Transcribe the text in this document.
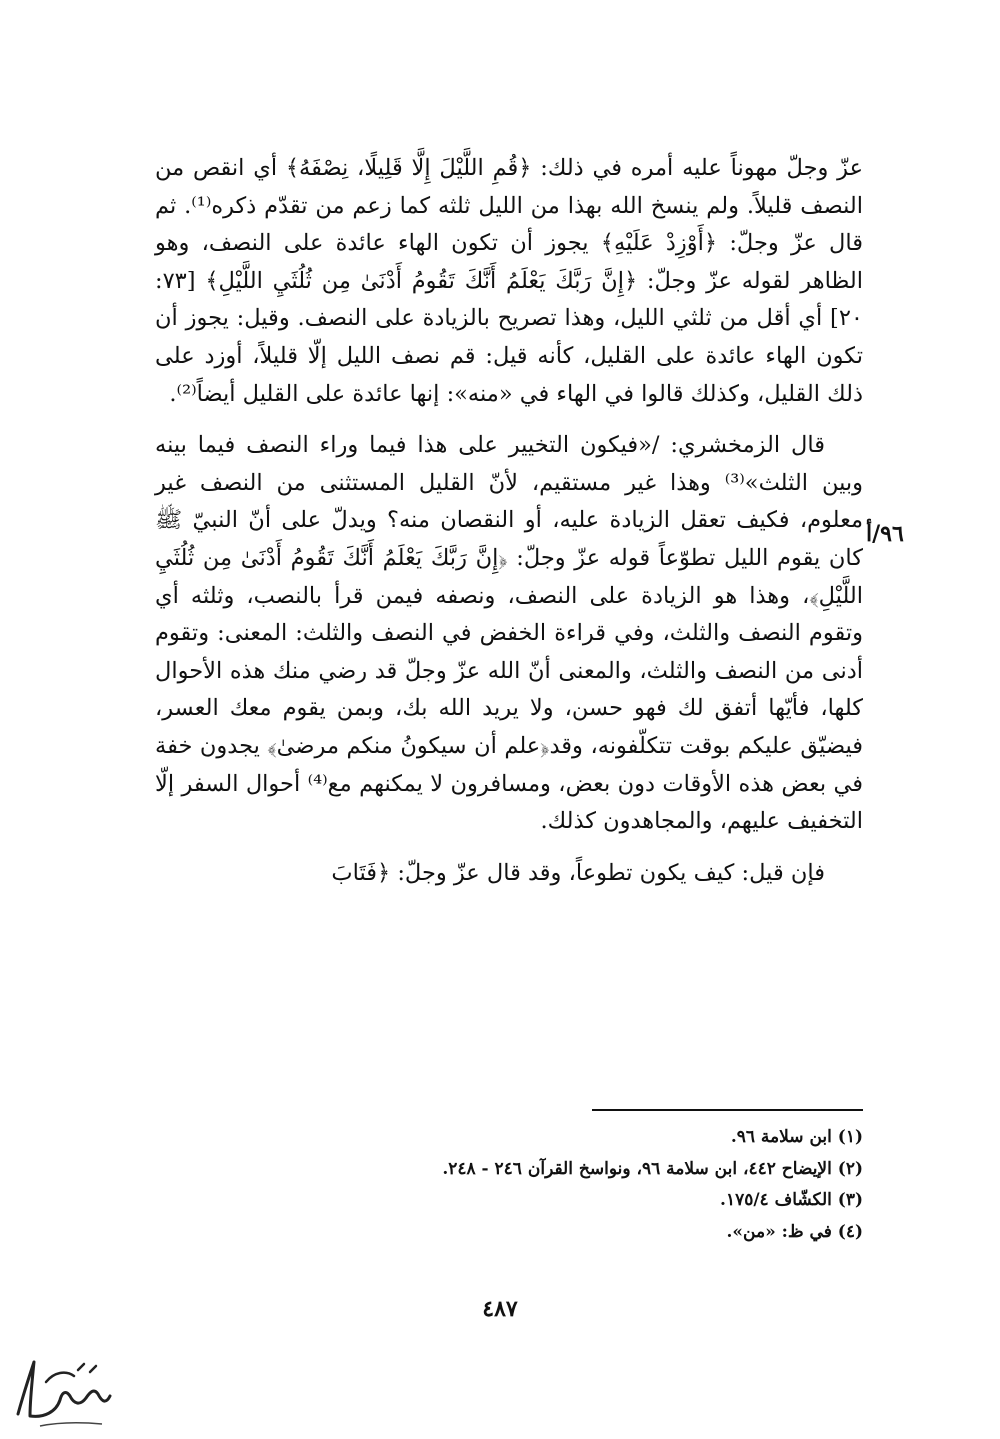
عزّ وجلّ مهوناً عليه أمره في ذلك: ﴿قُمِ اللَّيْلَ إِلَّا قَلِيلًا، نِصْفَهُ﴾ أي انقص من النصف قليلاً. ولم ينسخ الله بهذا من الليل ثلثه كما زعم من تقدّم ذكره⁽¹⁾. ثم قال عزّ وجلّ: ﴿أَوْزِدْ عَلَيْهِ﴾ يجوز أن تكون الهاء عائدة على النصف، وهو الظاهر لقوله عزّ وجلّ: ﴿إِنَّ رَبَّكَ يَعْلَمُ أَنَّكَ تَقُومُ أَدْنَىٰ مِن ثُلُثَيِ اللَّيْلِ﴾ [٧٣: ٢٠] أي أقل من ثلثي الليل، وهذا تصريح بالزيادة على النصف. وقيل: يجوز أن تكون الهاء عائدة على القليل، كأنه قيل: قم نصف الليل إلّا قليلاً، أوزد على ذلك القليل، وكذلك قالوا في الهاء في «منه»: إنها عائدة على القليل أيضاً⁽²⁾.

قال الزمخشري: /«فيكون التخيير على هذا فيما وراء النصف فيما بينه وبين الثلث»⁽³⁾ وهذا غير مستقيم، لأنّ القليل المستثنى من النصف غير معلوم، فكيف تعقل الزيادة عليه، أو النقصان منه؟ ويدلّ على أنّ النبيّ ﷺ كان يقوم الليل تطوّعاً قوله عزّ وجلّ: ﴿إِنَّ رَبَّكَ يَعْلَمُ أَنَّكَ تَقُومُ أَدْنَىٰ مِن ثُلُثَيِ اللَّيْلِ﴾، وهذا هو الزيادة على النصف، ونصفه فيمن قرأ بالنصب، وثلثه أي وتقوم النصف والثلث، وفي قراءة الخفض في النصف والثلث: المعنى: وتقوم أدنى من النصف والثلث، والمعنى أنّ الله عزّ وجلّ قد رضي منك هذه الأحوال كلها، فأيّها أتفق لك فهو حسن، ولا يريد الله بك، وبمن يقوم معك العسر، فيضيّق عليكم بوقت تتكلّفونه، وقد﴿علم أن سيكونُ منكم مرضىٰ﴾ يجدون خفة في بعض هذه الأوقات دون بعض، ومسافرون لا يمكنهم مع⁽⁴⁾ أحوال السفر إلّا التخفيف عليهم، والمجاهدون كذلك.

فإن قيل: كيف يكون تطوعاً، وقد قال عزّ وجلّ: ﴿فَتَابَ

٩٦/أ

(١) ابن سلامة ٩٦.

(٢) الإيضاح ٤٤٢، ابن سلامة ٩٦، ونواسخ القرآن ٢٤٦ - ٢٤٨.

(٣) الكشّاف ١٧٥/٤.

(٤) في ظ: «من».

٤٨٧
